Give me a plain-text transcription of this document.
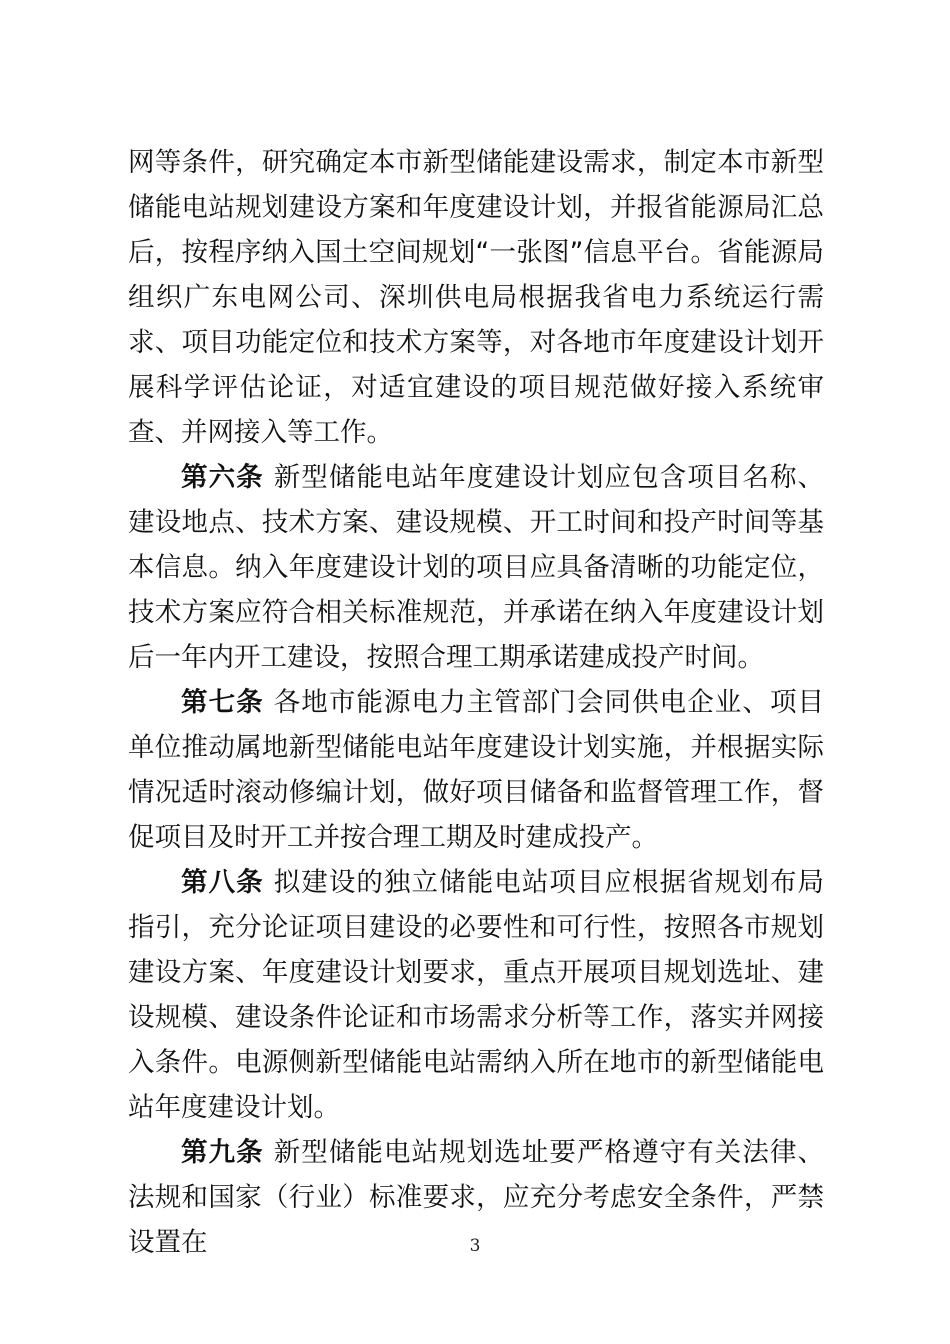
网等条件，研究确定本市新型储能建设需求，制定本市新型储能电站规划建设方案和年度建设计划，并报省能源局汇总后，按程序纳入国土空间规划“一张图”信息平台。省能源局组织广东电网公司、深圳供电局根据我省电力系统运行需求、项目功能定位和技术方案等，对各地市年度建设计划开展科学评估论证，对适宜建设的项目规范做好接入系统审查、并网接入等工作。

第六条 新型储能电站年度建设计划应包含项目名称、建设地点、技术方案、建设规模、开工时间和投产时间等基本信息。纳入年度建设计划的项目应具备清晰的功能定位，技术方案应符合相关标准规范，并承诺在纳入年度建设计划后一年内开工建设，按照合理工期承诺建成投产时间。

第七条 各地市能源电力主管部门会同供电企业、项目单位推动属地新型储能电站年度建设计划实施，并根据实际情况适时滚动修编计划，做好项目储备和监督管理工作，督促项目及时开工并按合理工期及时建成投产。

第八条 拟建设的独立储能电站项目应根据省规划布局指引，充分论证项目建设的必要性和可行性，按照各市规划建设方案、年度建设计划要求，重点开展项目规划选址、建设规模、建设条件论证和市场需求分析等工作，落实并网接入条件。电源侧新型储能电站需纳入所在地市的新型储能电站年度建设计划。

第九条 新型储能电站规划选址要严格遵守有关法律、法规和国家（行业）标准要求，应充分考虑安全条件，严禁设置在	3
